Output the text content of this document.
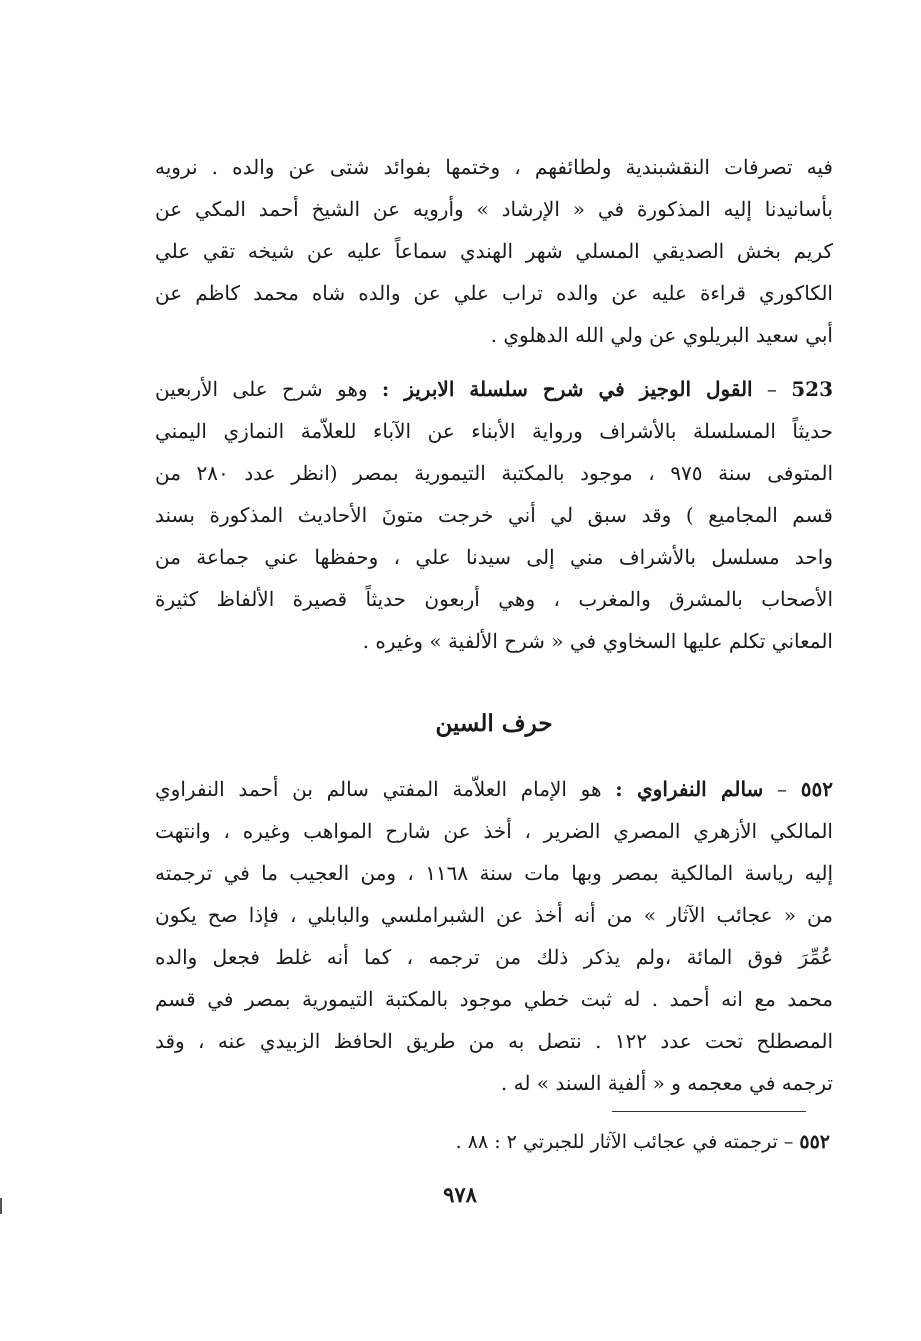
فيه تصرفات النقشبندية ولطائفهم ، وختمها بفوائد شتى عن والده . نرويه
بأسانيدنا إليه المذكورة في « الإرشاد » وأرويه عن الشيخ أحمد المكي عن
كريم بخش الصديقي المسلي شهر الهندي سماعاً عليه عن شيخه تقي علي
الكاكوري قراءة عليه عن والده تراب علي عن والده شاه محمد كاظم عن
أبي سعيد البريلوي عن ولي الله الدهلوي .
523 – القول الوجيز في شرح سلسلة الابريز : وهو شرح على الأربعين
حديثاً المسلسلة بالأشراف ورواية الأبناء عن الآباء للعلاّمة النمازي اليمني
المتوفى سنة ٩٧٥ ، موجود بالمكتبة التيمورية بمصر (انظر عدد ٢٨٠ من
قسم المجاميع ) وقد سبق لي أني خرجت متونَ الأحاديث المذكورة بسند
واحد مسلسل بالأشراف مني إلى سيدنا علي ، وحفظها عني جماعة من
الأصحاب بالمشرق والمغرب ، وهي أربعون حديثاً قصيرة الألفاظ كثيرة
المعاني تكلم عليها السخاوي في « شرح الألفية » وغيره .
حرف السين
٥٥٢ – سالم النفراوي : هو الإمام العلاّمة المفتي سالم بن أحمد النفراوي
المالكي الأزهري المصري الضرير ، أخذ عن شارح المواهب وغيره ، وانتهت
إليه رياسة المالكية بمصر وبها مات سنة ١١٦٨ ، ومن العجيب ما في ترجمته
من « عجائب الآثار » من أنه أخذ عن الشبراملسي والبابلي ، فإذا صح يكون
عُمِّرَ فوق المائة ،ولم يذكر ذلك من ترجمه ، كما أنه غلط فجعل والده
محمد مع انه أحمد . له ثبت خطي موجود بالمكتبة التيمورية بمصر في قسم
المصطلح تحت عدد ١٢٢ . نتصل به من طريق الحافظ الزبيدي عنه ، وقد
ترجمه في معجمه و « ألفية السند » له .
٥٥٢ – ترجمته في عجائب الآثار للجبرتي ٢ : ٨٨ .
٩٧٨
